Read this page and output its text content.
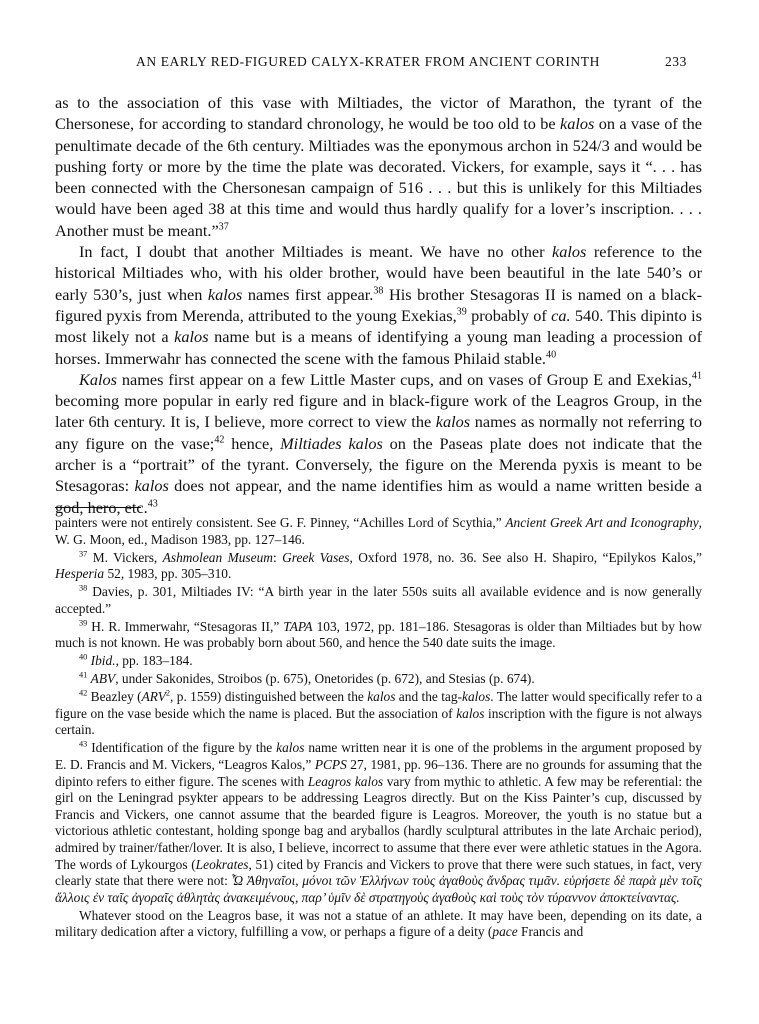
AN EARLY RED-FIGURED CALYX-KRATER FROM ANCIENT CORINTH	233

as to the association of this vase with Miltiades, the victor of Marathon, the tyrant of the Chersonese, for according to standard chronology, he would be too old to be kalos on a vase of the penultimate decade of the 6th century. Miltiades was the eponymous archon in 524/3 and would be pushing forty or more by the time the plate was decorated. Vickers, for example, says it “. . . has been connected with the Chersonesan campaign of 516 . . . but this is unlikely for this Miltiades would have been aged 38 at this time and would thus hardly qualify for a lover’s inscription. . . . Another must be meant.”$^{37}$

In fact, I doubt that another Miltiades is meant. We have no other kalos reference to the historical Miltiades who, with his older brother, would have been beautiful in the late 540’s or early 530’s, just when kalos names first appear.$^{38}$ His brother Stesagoras II is named on a black-figured pyxis from Merenda, attributed to the young Exekias,$^{39}$ probably of ca. 540. This dipinto is most likely not a kalos name but is a means of identifying a young man leading a procession of horses. Immerwahr has connected the scene with the famous Philaid stable.$^{40}$

Kalos names first appear on a few Little Master cups, and on vases of Group E and Exekias,$^{41}$ becoming more popular in early red figure and in black-figure work of the Leagros Group, in the later 6th century. It is, I believe, more correct to view the kalos names as normally not referring to any figure on the vase;$^{42}$ hence, Miltiades kalos on the Paseas plate does not indicate that the archer is a “portrait” of the tyrant. Conversely, the figure on the Merenda pyxis is meant to be Stesagoras: kalos does not appear, and the name identifies him as would a name written beside a god, hero, etc.$^{43}$

painters were not entirely consistent. See G. F. Pinney, “Achilles Lord of Scythia,” Ancient Greek Art and Iconography, W. G. Moon, ed., Madison 1983, pp. 127–146.

$^{37}$ M. Vickers, Ashmolean Museum: Greek Vases, Oxford 1978, no. 36. See also H. Shapiro, “Epilykos Kalos,” Hesperia 52, 1983, pp. 305–310.

$^{38}$ Davies, p. 301, Miltiades IV: “A birth year in the later 550s suits all available evidence and is now generally accepted.”

$^{39}$ H. R. Immerwahr, “Stesagoras II,” TAPA 103, 1972, pp. 181–186. Stesagoras is older than Miltiades but by how much is not known. He was probably born about 560, and hence the 540 date suits the image.

$^{40}$ Ibid., pp. 183–184.

$^{41}$ ABV, under Sakonides, Stroibos (p. 675), Onetorides (p. 672), and Stesias (p. 674).

$^{42}$ Beazley (ARV$^2$, p. 1559) distinguished between the kalos and the tag-kalos. The latter would specifically refer to a figure on the vase beside which the name is placed. But the association of kalos inscription with the figure is not always certain.

$^{43}$ Identification of the figure by the kalos name written near it is one of the problems in the argument proposed by E. D. Francis and M. Vickers, “Leagros Kalos,” PCPS 27, 1981, pp. 96–136. There are no grounds for assuming that the dipinto refers to either figure. The scenes with Leagros kalos vary from mythic to athletic. A few may be referential: the girl on the Leningrad psykter appears to be addressing Leagros directly. But on the Kiss Painter’s cup, discussed by Francis and Vickers, one cannot assume that the bearded figure is Leagros. Moreover, the youth is no statue but a victorious athletic contestant, holding sponge bag and aryballos (hardly sculptural attributes in the late Archaic period), admired by trainer/father/lover. It is also, I believe, incorrect to assume that there ever were athletic statues in the Agora. The words of Lykourgos (Leokrates, 51) cited by Francis and Vickers to prove that there were such statues, in fact, very clearly state that there were not: Ὦ Ἀθηναῖοι, μόνοι τῶν Ἑλλήνων τοὺς ἀγαθοὺς ἄνδρας τιμᾶν. εὑρήσετε δὲ παρὰ μὲν τοῖς ἄλλοις ἐν ταῖς ἀγοραῖς ἀθλητὰς ἀνακειμένους, παρ’ ὑμῖν δὲ στρατηγοὺς ἀγαθοὺς καὶ τοὺς τὸν τύραννον ἀποκτείναντας.

Whatever stood on the Leagros base, it was not a statue of an athlete. It may have been, depending on its date, a military dedication after a victory, fulfilling a vow, or perhaps a figure of a deity (pace Francis and
